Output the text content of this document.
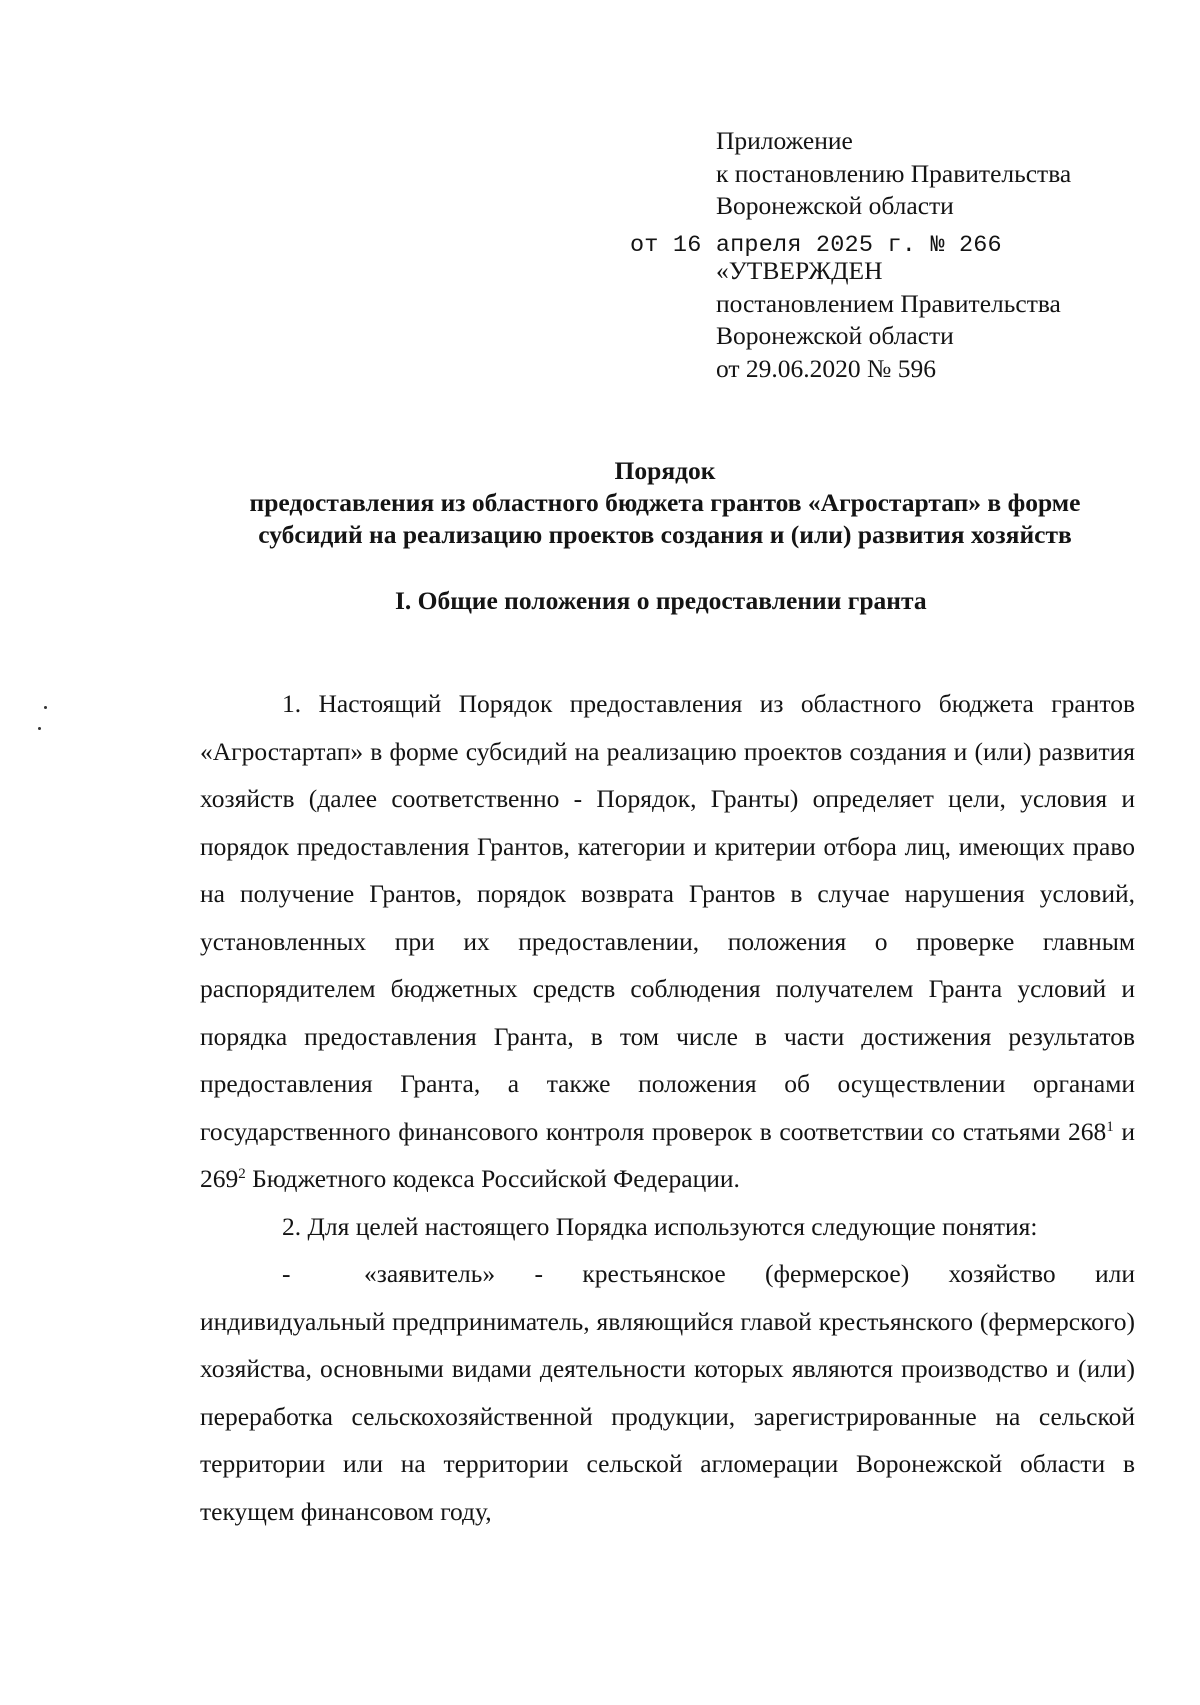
Приложение
к постановлению Правительства
Воронежской области

от 16 апреля 2025 г. № 266

«УТВЕРЖДЕН
постановлением Правительства
Воронежской области
от 29.06.2020 № 596
Порядок
предоставления из областного бюджета грантов «Агростартап» в форме
субсидий на реализацию проектов создания и (или) развития хозяйств
I. Общие положения о предоставлении гранта

1. Настоящий Порядок предоставления из областного бюджета грантов «Агростартап» в форме субсидий на реализацию проектов создания и (или) развития хозяйств (далее соответственно - Порядок, Гранты) определяет цели, условия и порядок предоставления Грантов, категории и критерии отбора лиц, имеющих право на получение Грантов, порядок возврата Грантов в случае нарушения условий, установленных при их предоставлении, положения о проверке главным распорядителем бюджетных средств соблюдения получателем Гранта условий и порядка предоставления Гранта, в том числе в части достижения результатов предоставления Гранта, а также положения об осуществлении органами государственного финансового контроля проверок в соответствии со статьями $268^1$ и $269^2$ Бюджетного кодекса Российской Федерации.

2. Для целей настоящего Порядка используются следующие понятия:

-	«заявитель» - крестьянское (фермерское) хозяйство или индивидуальный предприниматель, являющийся главой крестьянского (фермерского) хозяйства, основными видами деятельности которых являются производство и (или) переработка сельскохозяйственной продукции, зарегистрированные на сельской территории или на территории сельской агломерации Воронежской области в текущем финансовом году,
